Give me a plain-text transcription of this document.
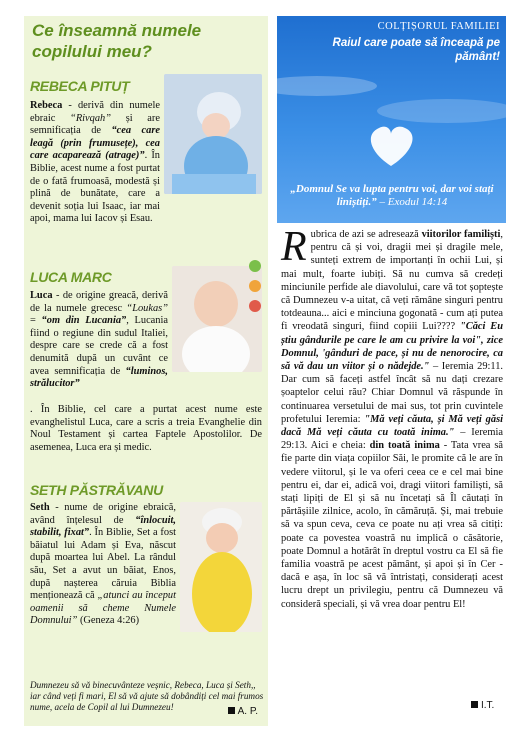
Ce înseamnă numele copilului meu?
REBECA PITUȚ

Rebeca - derivă din numele ebraic “Rivqah” și are semnificația de “cea care leagă (prin frumusețe), cea care acaparează (atrage)”. În Biblie, acest nume a fost purtat de o fată frumoasă, modestă și plină de bunătate, care a devenit soția lui Isaac, iar mai apoi, mama lui Iacov și Esau.

LUCA MARC

Luca - de origine greacă, derivă de la numele grecesc “Loukas” = “om din Lucania”, Lucania fiind o regiune din sudul Italiei, despre care se crede că a fost denumită după un cuvânt ce avea semnificația de “luminos, strălucitor”

. În Biblie, cel care a purtat acest nume este evanghelistul Luca, care a scris a treia Evanghelie din Noul Testament și cartea Faptele Apostolilor. De asemenea, Luca era și medic.

SETH PĂSTRĂVANU

Seth - nume de origine ebraică, având înțelesul de “înlocuit, stabilit, fixat”. În Biblie, Set a fost băiatul lui Adam și Eva, născut după moartea lui Abel. La rândul său, Set a avut un băiat, Enos, după nașterea căruia Biblia menționează că „atunci au început oamenii să cheme Numele Domnului” (Geneza 4:26)

Dumnezeu să vă binecuvânteze veșnic, Rebeca, Luca și Seth,, iar când veți fi mari, El să vă ajute să dobândiți cel mai frumos nume, acela de Copil al lui Dumnezeu!	A. P.
COLȚIȘORUL FAMILIEI
Raiul care poate să înceapă pe pământ!
„Domnul Se va lupta pentru voi, dar voi stați liniștiți.” – Exodul 14:14

Rubrica de azi se adresează viitorilor familiști, pentru că și voi, dragii mei și dragile mele, sunteți extrem de importanți în ochii Lui, și mai mult, foarte iubiți. Să nu cumva să credeți minciunile perfide ale diavolului, care vă tot șoptește că Dumnezeu v-a uitat, că veți rămâne singuri pentru totdeauna... aici e minciuna gogonată - cum ați putea fi vreodată singuri, fiind copiii Lui???? "Căci Eu știu gândurile pe care le am cu privire la voi", zice Domnul, 'gânduri de pace, și nu de nenorocire, ca să vă dau un viitor și o nădejde." – Ieremia 29:11. Dar cum să faceți astfel încât să nu dați crezare șoaptelor celui rău? Chiar Domnul vă răspunde în continuarea versetului de mai sus, tot prin cuvintele profetului Ieremia: "Mă veți căuta, și Mă veți găsi dacă Mă veți căuta cu toată inima." – Ieremia 29:13. Aici e cheia: din toată inima - Tata vrea să fie parte din viața copiilor Săi, le promite că le are în vedere viitorul, și le va oferi ceea ce e cel mai bine pentru ei, dar ei, adică voi, dragi viitori familiști, să stați lipiți de El și să nu încetați să Îl căutați în părtășiile zilnice, acolo, în cămăruță. Și, mai trebuie să va spun ceva, ceva ce poate nu ați vrea să citiți: poate ca povestea voastră nu implică o căsătorie, poate Domnul a hotărât în dreptul vostru ca El să fie familia voastră pe acest pământ, și apoi și în Cer - dacă e așa, în loc să vă întristați, considerați acest lucru drept un privilegiu, pentru că Dumnezeu vă consideră speciali, și vă vrea doar pentru El!

I.T.
